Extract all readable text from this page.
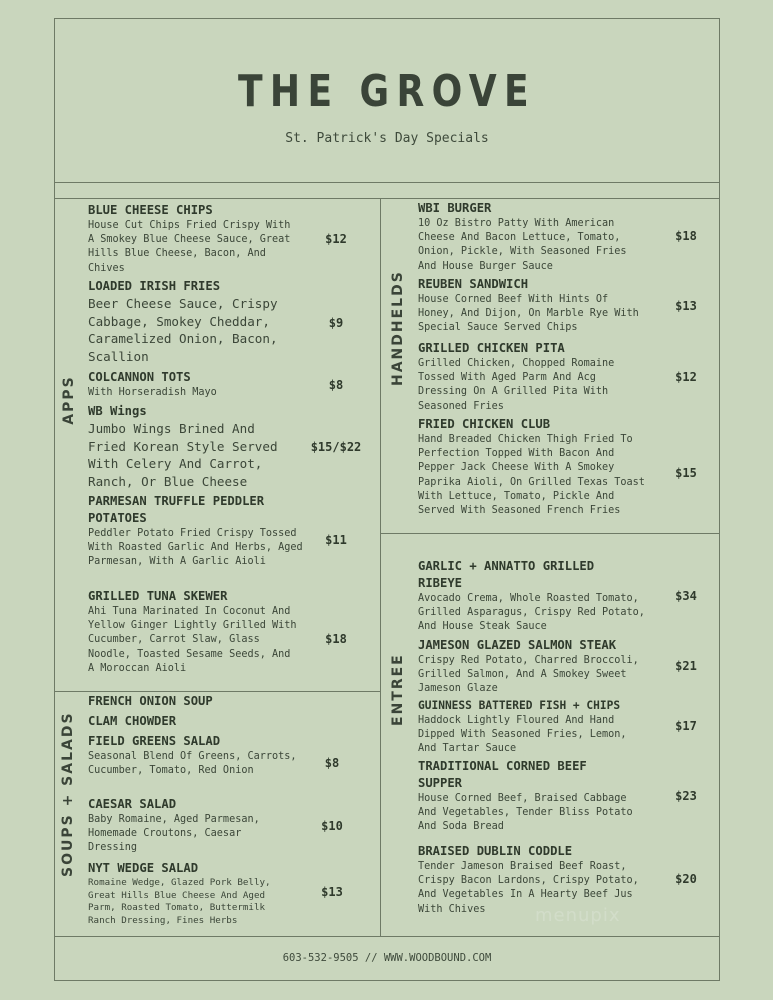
THE GROVE
St. Patrick's Day Specials
APPS
SOUPS + SALADS
HANDHELDS
ENTREE
BLUE CHEESE CHIPS
House Cut Chips Fried Crispy With A Smokey Blue Cheese Sauce, Great Hills Blue Cheese, Bacon, And Chives
$12
LOADED IRISH FRIES
Beer Cheese Sauce, Crispy Cabbage, Smokey Cheddar, Caramelized Onion, Bacon, Scallion
$9
COLCANNON TOTS
With Horseradish Mayo
$8
WB Wings
Jumbo Wings Brined And Fried Korean Style Served With Celery And Carrot, Ranch, Or Blue Cheese
$15/$22
PARMESAN TRUFFLE PEDDLER
POTATOES
Peddler Potato Fried Crispy Tossed With Roasted Garlic And Herbs, Aged Parmesan, With A Garlic Aioli
$11
GRILLED TUNA SKEWER
Ahi Tuna Marinated In Coconut And Yellow Ginger Lightly Grilled With Cucumber, Carrot Slaw, Glass Noodle, Toasted Sesame Seeds, And A Moroccan Aioli
$18
FRENCH ONION SOUP
CLAM CHOWDER
FIELD GREENS SALAD
Seasonal Blend Of Greens, Carrots, Cucumber, Tomato, Red Onion
$8
CAESAR SALAD
Baby Romaine, Aged Parmesan, Homemade Croutons, Caesar Dressing
$10
NYT WEDGE SALAD
Romaine Wedge, Glazed Pork Belly, Great Hills Blue Cheese And Aged Parm, Roasted Tomato, Buttermilk Ranch Dressing, Fines Herbs
$13
WBI BURGER
10 Oz Bistro Patty With American Cheese And Bacon Lettuce, Tomato, Onion, Pickle, With Seasoned Fries And House Burger Sauce
$18
REUBEN SANDWICH
House Corned Beef With Hints Of Honey, And Dijon, On Marble Rye With Special Sauce Served Chips
$13
GRILLED CHICKEN PITA
Grilled Chicken, Chopped Romaine Tossed With Aged Parm And Acg Dressing On A Grilled Pita With Seasoned Fries
$12
FRIED CHICKEN CLUB
Hand Breaded Chicken Thigh Fried To Perfection Topped With Bacon And Pepper Jack Cheese With A Smokey Paprika Aioli, On Grilled Texas Toast With Lettuce, Tomato, Pickle And Served With Seasoned French Fries
$15
GARLIC + ANNATTO GRILLED
RIBEYE
Avocado Crema, Whole Roasted Tomato, Grilled Asparagus, Crispy Red Potato, And House Steak Sauce
$34
JAMESON GLAZED SALMON STEAK
Crispy Red Potato, Charred Broccoli, Grilled Salmon, And A Smokey Sweet Jameson Glaze
$21
GUINNESS BATTERED FISH + CHIPS
Haddock Lightly Floured And Hand Dipped With Seasoned Fries, Lemon, And Tartar Sauce
$17
TRADITIONAL CORNED BEEF
SUPPER
House Corned Beef, Braised Cabbage And Vegetables, Tender Bliss Potato And Soda Bread
$23
BRAISED DUBLIN CODDLE
Tender Jameson Braised Beef Roast, Crispy Bacon Lardons, Crispy Potato, And Vegetables In A Hearty Beef Jus With Chives
$20
menupix
603-532-9505 // WWW.WOODBOUND.COM
